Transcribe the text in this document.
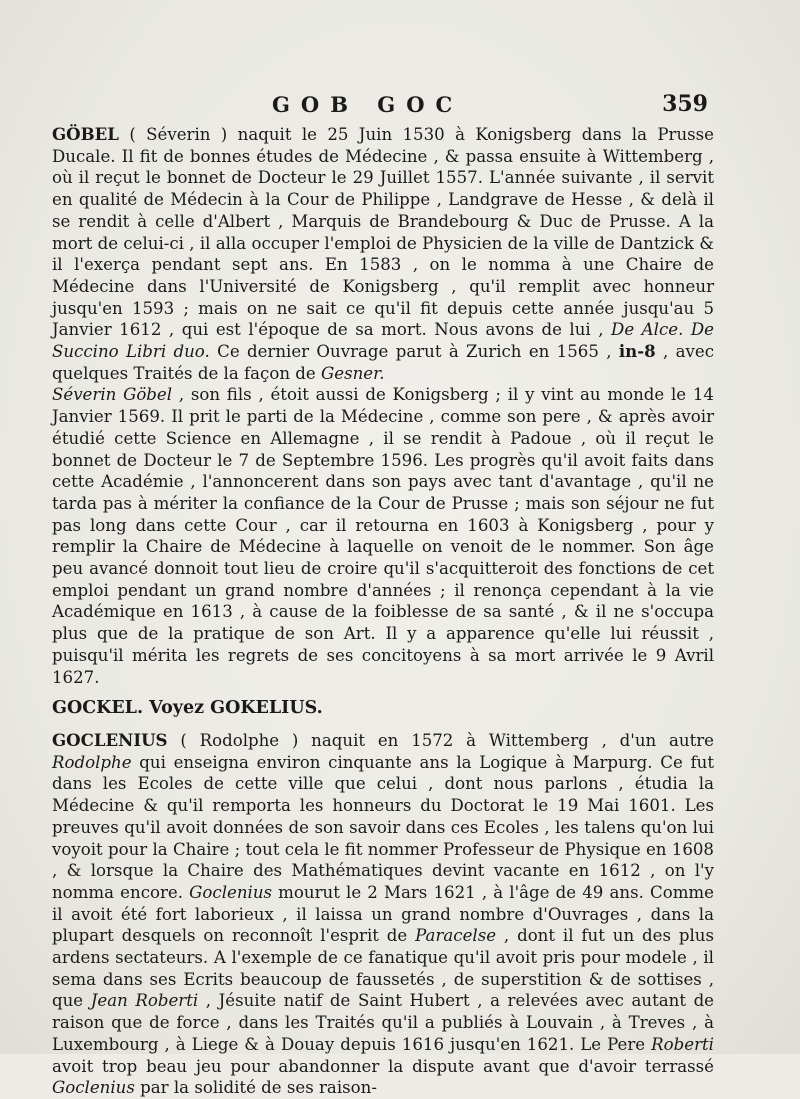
GOB GOC	359

GÖBEL ( Séverin ) naquit le 25 Juin 1530 à Konigsberg dans la Prusse Ducale. Il fit de bonnes études de Médecine , & passa ensuite à Wittemberg , où il reçut le bonnet de Docteur le 29 Juillet 1557. L'année suivante , il servit en qualité de Médecin à la Cour de Philippe , Landgrave de Hesse , & delà il se rendit à celle d'Albert , Marquis de Brandebourg & Duc de Prusse. A la mort de celui-ci , il alla occuper l'emploi de Physicien de la ville de Dantzick & il l'exerça pendant sept ans. En 1583 , on le nomma à une Chaire de Médecine dans l'Université de Konigsberg , qu'il remplit avec honneur jusqu'en 1593 ; mais on ne sait ce qu'il fit depuis cette année jusqu'au 5 Janvier 1612 , qui est l'époque de sa mort. Nous avons de lui , De Alce. De Succino Libri duo. Ce dernier Ouvrage parut à Zurich en 1565 , in-8 , avec quelques Traités de la façon de Gesner.

Séverin Göbel , son fils , étoit aussi de Konigsberg ; il y vint au monde le 14 Janvier 1569. Il prit le parti de la Médecine , comme son pere , & après avoir étudié cette Science en Allemagne , il se rendit à Padoue , où il reçut le bonnet de Docteur le 7 de Septembre 1596. Les progrès qu'il avoit faits dans cette Académie , l'annoncerent dans son pays avec tant d'avantage , qu'il ne tarda pas à mériter la confiance de la Cour de Prusse ; mais son séjour ne fut pas long dans cette Cour , car il retourna en 1603 à Konigsberg , pour y remplir la Chaire de Médecine à laquelle on venoit de le nommer. Son âge peu avancé donnoit tout lieu de croire qu'il s'acquitteroit des fonctions de cet emploi pendant un grand nombre d'années ; il renonça cependant à la vie Académique en 1613 , à cause de la foiblesse de sa santé , & il ne s'occupa plus que de la pratique de son Art. Il y a apparence qu'elle lui réussit , puisqu'il mérita les regrets de ses concitoyens à sa mort arrivée le 9 Avril 1627.

GOCKEL. Voyez GOKELIUS.

GOCLENIUS ( Rodolphe ) naquit en 1572 à Wittemberg , d'un autre Rodolphe qui enseigna environ cinquante ans la Logique à Marpurg. Ce fut dans les Ecoles de cette ville que celui , dont nous parlons , étudia la Médecine & qu'il remporta les honneurs du Doctorat le 19 Mai 1601. Les preuves qu'il avoit données de son savoir dans ces Ecoles , les talens qu'on lui voyoit pour la Chaire ; tout cela le fit nommer Professeur de Physique en 1608 , & lorsque la Chaire des Mathématiques devint vacante en 1612 , on l'y nomma encore. Goclenius mourut le 2 Mars 1621 , à l'âge de 49 ans. Comme il avoit été fort laborieux , il laissa un grand nombre d'Ouvrages , dans la plupart desquels on reconnoît l'esprit de Paracelse , dont il fut un des plus ardens sectateurs. A l'exemple de ce fanatique qu'il avoit pris pour modele , il sema dans ses Ecrits beaucoup de faussetés , de superstition & de sottises , que Jean Roberti , Jésuite natif de Saint Hubert , a relevées avec autant de raison que de force , dans les Traités qu'il a publiés à Louvain , à Treves , à Luxembourg , à Liege & à Douay depuis 1616 jusqu'en 1621. Le Pere Roberti avoit trop beau jeu pour abandonner la dispute avant que d'avoir terrassé Goclenius par la solidité de ses raison-
